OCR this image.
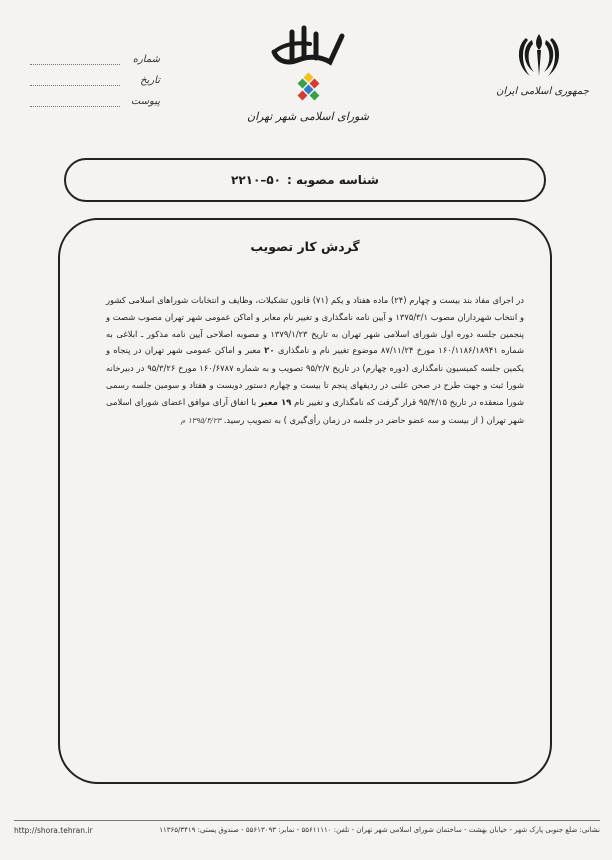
جمهوری اسلامی ایران
شورای اسلامی شهر تهران
شماره
تاریخ
پیوست
شناسه مصوبه :
۵۰–۲۲۱۰
گردش کار تصویب
در اجرای مفاد بند بیست و چهارم (۲۴) ماده هفتاد و یکم (۷۱) قانون تشکیلات، وظایف و انتخابات شوراهای اسلامی کشور و انتخاب شهرداران مصوب ۱۳۷۵/۳/۱ و آیین نامه نامگذاری و تغییر نام معابر و اماکن عمومی شهر تهران مصوب شصت و پنجمین جلسه دوره اول شورای اسلامی شهر تهران به تاریخ ۱۳۷۹/۱/۲۳ و مصوبه اصلاحی آیین نامه مذکور ـ ابلاغی به شماره ۱۶۰/۱۱۸۶/۱۸۹۴۱ مورخ ۸۷/۱۱/۲۴ موضوع تغییر نام و نامگذاری ۲۰ معبر و اماکن عمومی شهر تهران در پنجاه و یکمین جلسه کمیسیون نامگذاری (دوره چهارم) در تاریخ ۹۵/۲/۷ تصویب و به شماره ۱۶۰/۶۷۸۷ مورخ ۹۵/۳/۲۶ در دبیرخانه شورا ثبت و جهت طرح در صحن علنی در ردیفهای پنجم تا بیست و چهارم دستور دویست و هفتاد و سومین جلسه رسمی شورا منعقده در تاریخ ۹۵/۴/۱۵ قرار گرفت که نامگذاری و تغییر نام ۱۹ معبر با اتفاق آرای موافق اعضای شورای اسلامی شهر تهران ( از بیست و سه عضو حاضر در جلسه در زمان رأی‌گیری ) به تصویب رسید. ۱۳۹۵/۴/۲۳ م
http://shora.tehran.ir	نشانی: ضلع جنوبی پارک شهر - خیابان بهشت - ساختمان شورای اسلامی شهر تهران - تلفن: ۵۵۶۱۱۱۱۰ - نمابر: ۵۵۶۱۳۰۹۳ - صندوق پستی: ۱۱۳۶۵/۳۴۱۹
